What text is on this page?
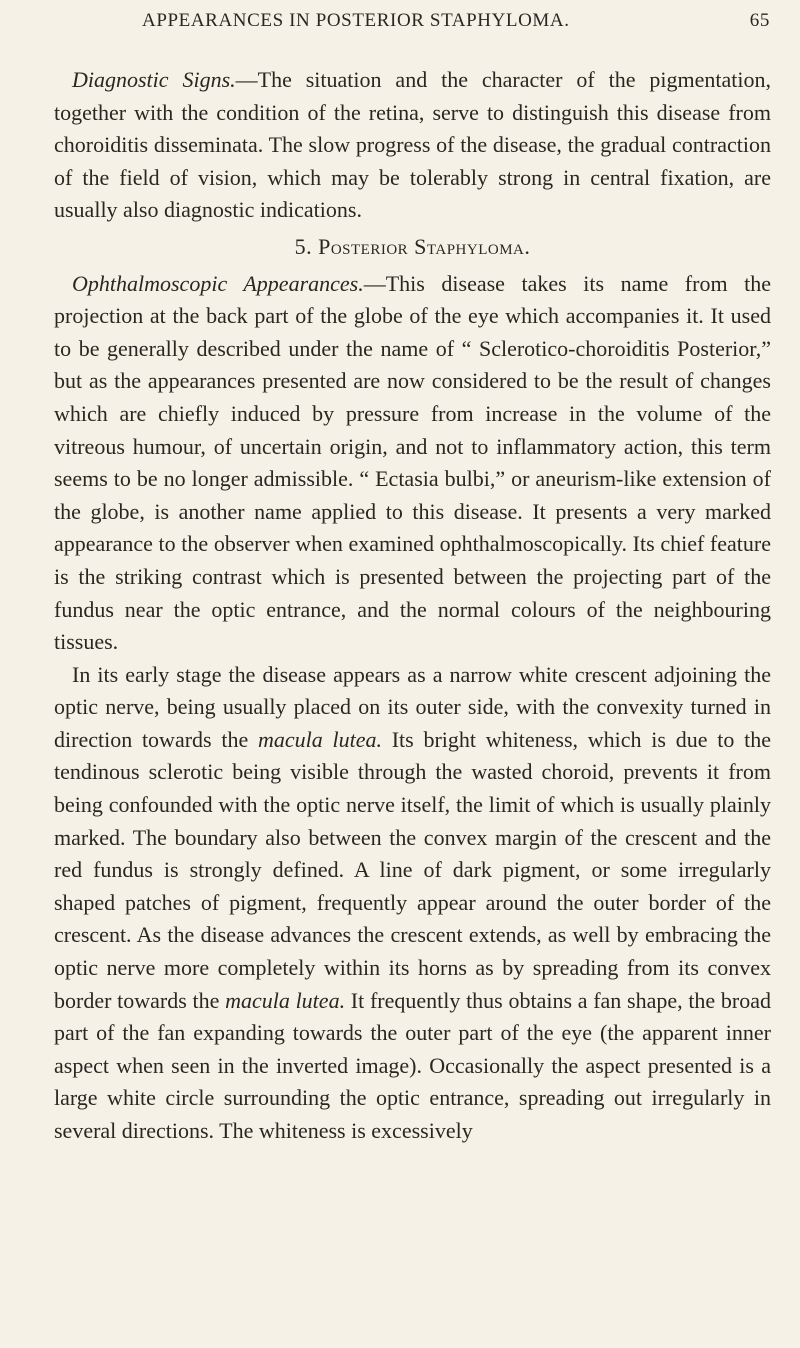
APPEARANCES IN POSTERIOR STAPHYLOMA.	65

Diagnostic Signs.—The situation and the character of the pigmentation, together with the condition of the retina, serve to distinguish this disease from choroiditis disseminata. The slow progress of the disease, the gradual contraction of the field of vision, which may be tolerably strong in central fixation, are usually also diagnostic indications.

5. Posterior Staphyloma.

Ophthalmoscopic Appearances.—This disease takes its name from the projection at the back part of the globe of the eye which accompanies it. It used to be generally described under the name of “ Sclerotico-choroiditis Posterior,” but as the appearances presented are now considered to be the result of changes which are chiefly induced by pressure from increase in the volume of the vitreous humour, of uncertain origin, and not to inflammatory action, this term seems to be no longer admissible. “ Ectasia bulbi,” or aneurism-like extension of the globe, is another name applied to this disease. It presents a very marked appearance to the observer when examined ophthalmoscopically. Its chief feature is the striking contrast which is presented between the projecting part of the fundus near the optic entrance, and the normal colours of the neighbouring tissues.

In its early stage the disease appears as a narrow white crescent adjoining the optic nerve, being usually placed on its outer side, with the convexity turned in direction towards the macula lutea. Its bright whiteness, which is due to the tendinous sclerotic being visible through the wasted choroid, prevents it from being confounded with the optic nerve itself, the limit of which is usually plainly marked. The boundary also between the convex margin of the crescent and the red fundus is strongly defined. A line of dark pigment, or some irregularly shaped patches of pigment, frequently appear around the outer border of the crescent. As the disease advances the crescent extends, as well by embracing the optic nerve more completely within its horns as by spreading from its convex border towards the macula lutea. It frequently thus obtains a fan shape, the broad part of the fan expanding towards the outer part of the eye (the apparent inner aspect when seen in the inverted image). Occasionally the aspect presented is a large white circle surrounding the optic entrance, spreading out irregularly in several directions. The whiteness is excessively
